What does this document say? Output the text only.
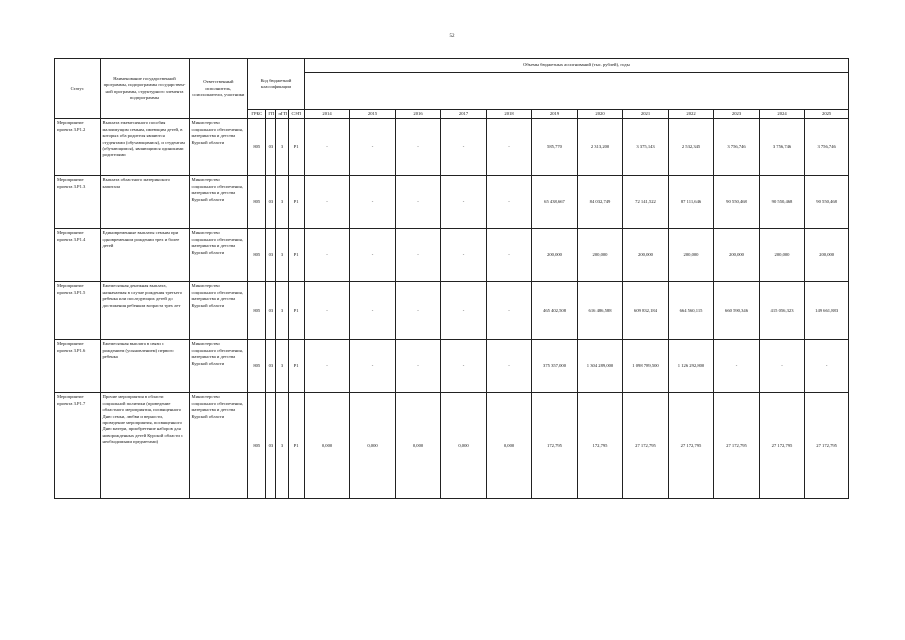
52
Статус	Наименование государственной программы, подпрограммы государствен-ной программы, структурного элемента подпрограммы	Ответственный исполнитель, соисполнители, участники	Код бюджетной классификации				Объемы бюджетных ассигнований (тыс. рублей), годы											

			ГРБС	ГП	пГП	СЭП	2014	2015	2016	2017	2018	2019	2020	2021	2022	2023	2024	2025
Мероприятие проекта 3.P1.2	Выплата ежемесячного пособия малоимущим семьям, имеющим детей, в которых оба родителя являются студентами (обучающимися), и студентам (обучающимся), являющимся одинокими родителями	Министерство социального обеспечения, материнства и детства Курской области	805	03	3	P1	-	-	-	-	-	585,770	2 313,200	3 375,143	2 532,345	3 756,746	3 756,746	3 756,746
Мероприятие проекта 3.P1.3	Выплата областного материнского капитала	Министерство социального обеспечения, материнства и детства Курской области	805	03	3	P1	-	-	-	-	-	65 438,667	84 032,749	72 141,522	87 111,646	90 550,468	90 550,468	90 550,468
Мероприятие проекта 3.P1.4	Единовременные выплаты семьям при одновременном рождении трех и более детей	Министерство социального обеспечения, материнства и детства Курской области	805	03	3	P1	-	-	-	-	-	200,000	200,000	200,000	200,000	200,000	200,000	200,000
Мероприятие проекта 3.P1.5	Ежемесячная денежная выплата, назначаемая в случае рождения третьего ребенка или последующих детей до достижения ребенком возраста трех лет	Министерство социального обеспечения, материнства и детства Курской области	805	03	3	P1	-	-	-	-	-	465 402,508	616 486,588	609 832,184	664 560,115	660 590,346	415 056,323	149 661,883
Мероприятие проекта 3.P1.6	Ежемесячная выплата в связи с рождением (усыновлением) первого ребенка	Министерство социального обеспечения, материнства и детства Курской области	805	03	3	P1	-	-	-	-	-	375 357,000	1 304 289,000	1 098 789,500	1 126 292,800	-	-	-
Мероприятие проекта 3.P1.7	Прочие мероприятия в области социальной политики (проведение областного мероприятия, посвященного Дню семьи, любви и верности, проведение мероприятия, посвященного Дню матери, приобретение наборов для новорожденных детей Курской области с необходимыми предметами)	Министерство социального обеспечения, материнства и детства Курской области	805	03	3	P1	0,000	0,000	0,000	0,000	0,000	172,795	172,795	27 172,795	27 172,795	27 172,795	27 172,795	27 172,795
